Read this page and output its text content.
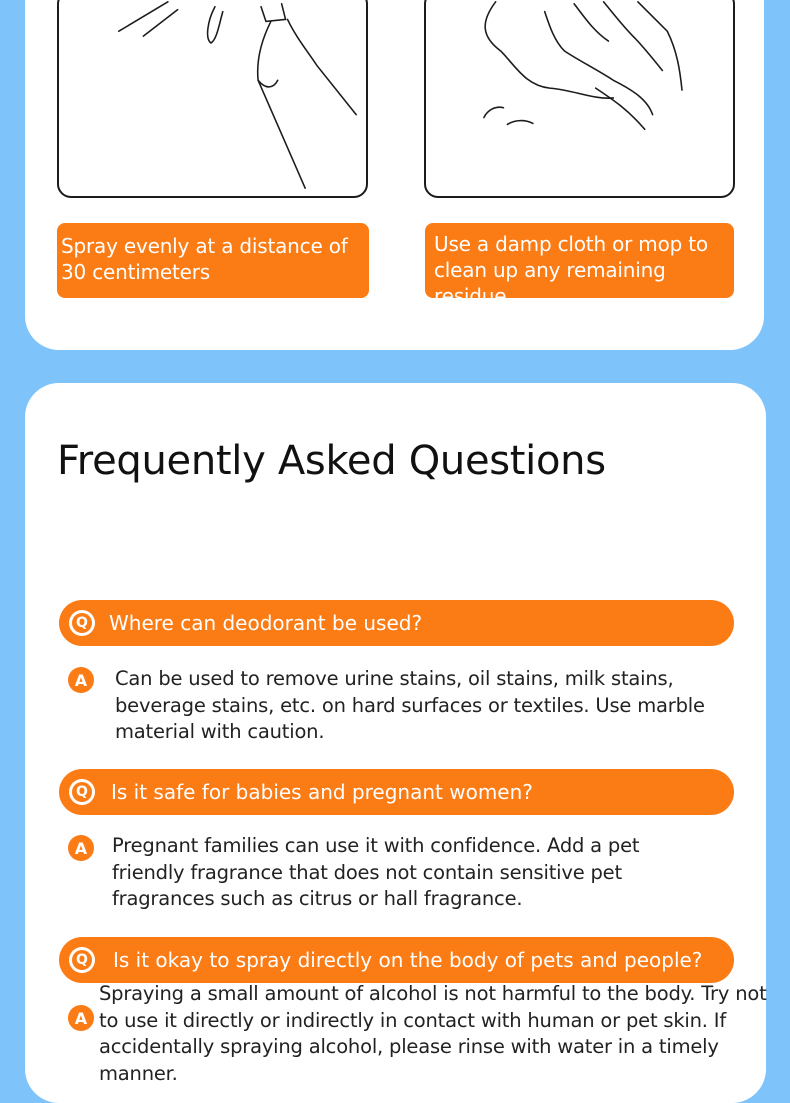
Spray evenly at a distance of 30 centimeters
Use a damp cloth or mop to clean up any remaining residue.
Frequently Asked Questions
Q Where can deodorant be used?
A	Can be used to remove urine stains, oil stains, milk stains, beverage stains, etc. on hard surfaces or textiles. Use marble material with caution.
Q Is it safe for babies and pregnant women?
A	Pregnant families can use it with confidence. Add a pet friendly fragrance that does not contain sensitive pet fragrances such as citrus or hall fragrance.
Q Is it okay to spray directly on the body of pets and people?
A
Spraying a small amount of alcohol is not harmful to the body. Try not to use it directly or indirectly in contact with human or pet skin. If accidentally spraying alcohol, please rinse with water in a timely manner.
